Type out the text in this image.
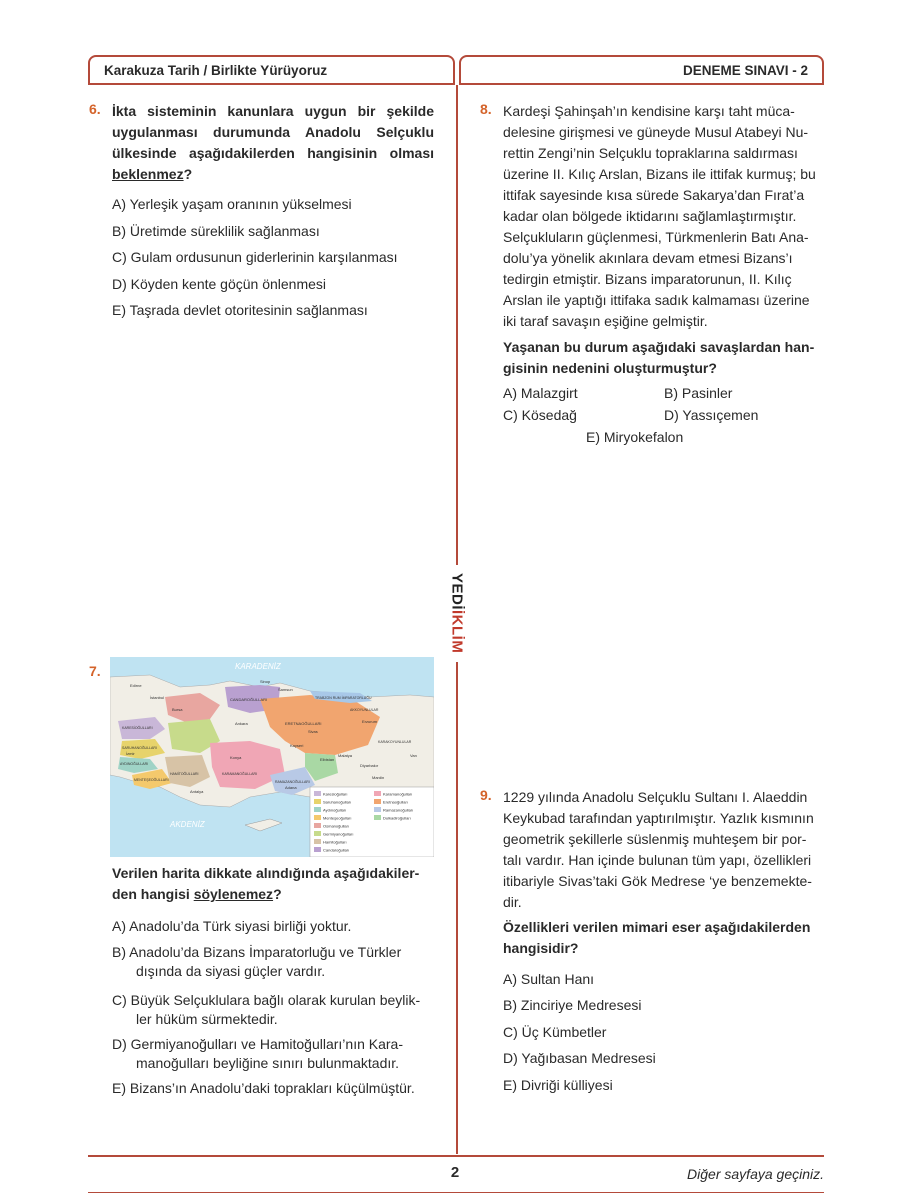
Karakuza Tarih / Birlikte Yürüyoruz	DENEME SINAVI - 2
YEDİİKLİM
6. İkta sisteminin kanunlara uygun bir şekilde
uygulanması durumunda Anadolu Selçuklu
ülkesinde aşağıdakilerden hangisinin olması
beklenmez?
A) Yerleşik yaşam oranının yükselmesi
B) Üretimde süreklilik sağlanması
C) Gulam ordusunun giderlerinin karşılanması
D) Köyden kente göçün önlenmesi
E) Taşrada devlet otoritesinin sağlanması
8. Kardeşi Şahinşah’ın kendisine karşı taht müca-
delesine girişmesi ve güneyde Musul Atabeyi Nu-
rettin Zengi’nin Selçuklu topraklarına saldırması
üzerine II. Kılıç Arslan, Bizans ile ittifak kurmuş; bu
ittifak sayesinde kısa sürede Sakarya’dan Fırat’a
kadar olan bölgede iktidarını sağlamlaştırmıştır.
Selçukluların güçlenmesi, Türkmenlerin Batı Ana-
dolu’ya yönelik akınlara devam etmesi Bizans’ı
tedirgin etmiştir. Bizans imparatorunun, II. Kılıç
Arslan ile yaptığı ittifaka sadık kalmaması üzerine
iki taraf savaşın eşiğine gelmiştir.
Yaşanan bu durum aşağıdaki savaşlardan han-
gisinin nedenini oluşturmuştur?
A) Malazgirt	B) Pasinler
C) Kösedağ	D) Yassıçemen
E) Miryokefalon
7.	KARADENİZ
AKDENİZ
CANDAROĞULLARI
ERETNAOĞULLARI
TRABZON RUM İMPARATORLUĞU
Sinop
Samsun
KARESİOĞULLARI
SARUHANOĞULLARI
AYDINOĞULLARI
MENTEŞEOĞULLARI
HAMİTOĞULLARI	KARAMANOĞULLARI
RAMAZANOĞULLARI
KARAKOYUNLULAR
AKKOYUNLULAR
Konya
Ankara
Kayseri
Erzurum
Mardin
Van
Elbistan
Edirne
İstanbul
Bursa
İzmir
Antalya
Adana
Sivas
Malatya
Diyarbakır
Karesioğulları
Saruhanoğulları
Aydınoğulları
Menteşeoğulları
Osmanoğulları
Germiyanoğulları
Hamitoğulları
Candaroğulları
Karamanoğulları
Eretnaoğulları
Ramazanoğulları
Dulkadiroğulları
Verilen harita dikkate alındığında aşağıdakiler-
den hangisi söylenemez?
A) Anadolu’da Türk siyasi birliği yoktur.
B) Anadolu’da Bizans İmparatorluğu ve Türkler
dışında da siyasi güçler vardır.
C) Büyük Selçuklulara bağlı olarak kurulan beylik-
ler hüküm sürmektedir.
D) Germiyanoğulları ve Hamitoğulları’nın Kara-
manoğulları beyliğine sınırı bulunmaktadır.
E) Bizans’ın Anadolu’daki toprakları küçülmüştür.
9. 1229 yılında Anadolu Selçuklu Sultanı I. Alaeddin
Keykubad tarafından yaptırılmıştır. Yazlık kısmının
geometrik şekillerle süslenmiş muhteşem bir por-
talı vardır. Han içinde bulunan tüm yapı, özellikleri
itibariyle Sivas’taki Gök Medrese ‘ye benzemekte-
dir.
Özellikleri verilen mimari eser aşağıdakilerden
hangisidir?
A) Sultan Hanı
B) Zinciriye Medresesi
C) Üç Kümbetler
D) Yağıbasan Medresesi
E) Divriği külliyesi
2	Diğer sayfaya geçiniz.
